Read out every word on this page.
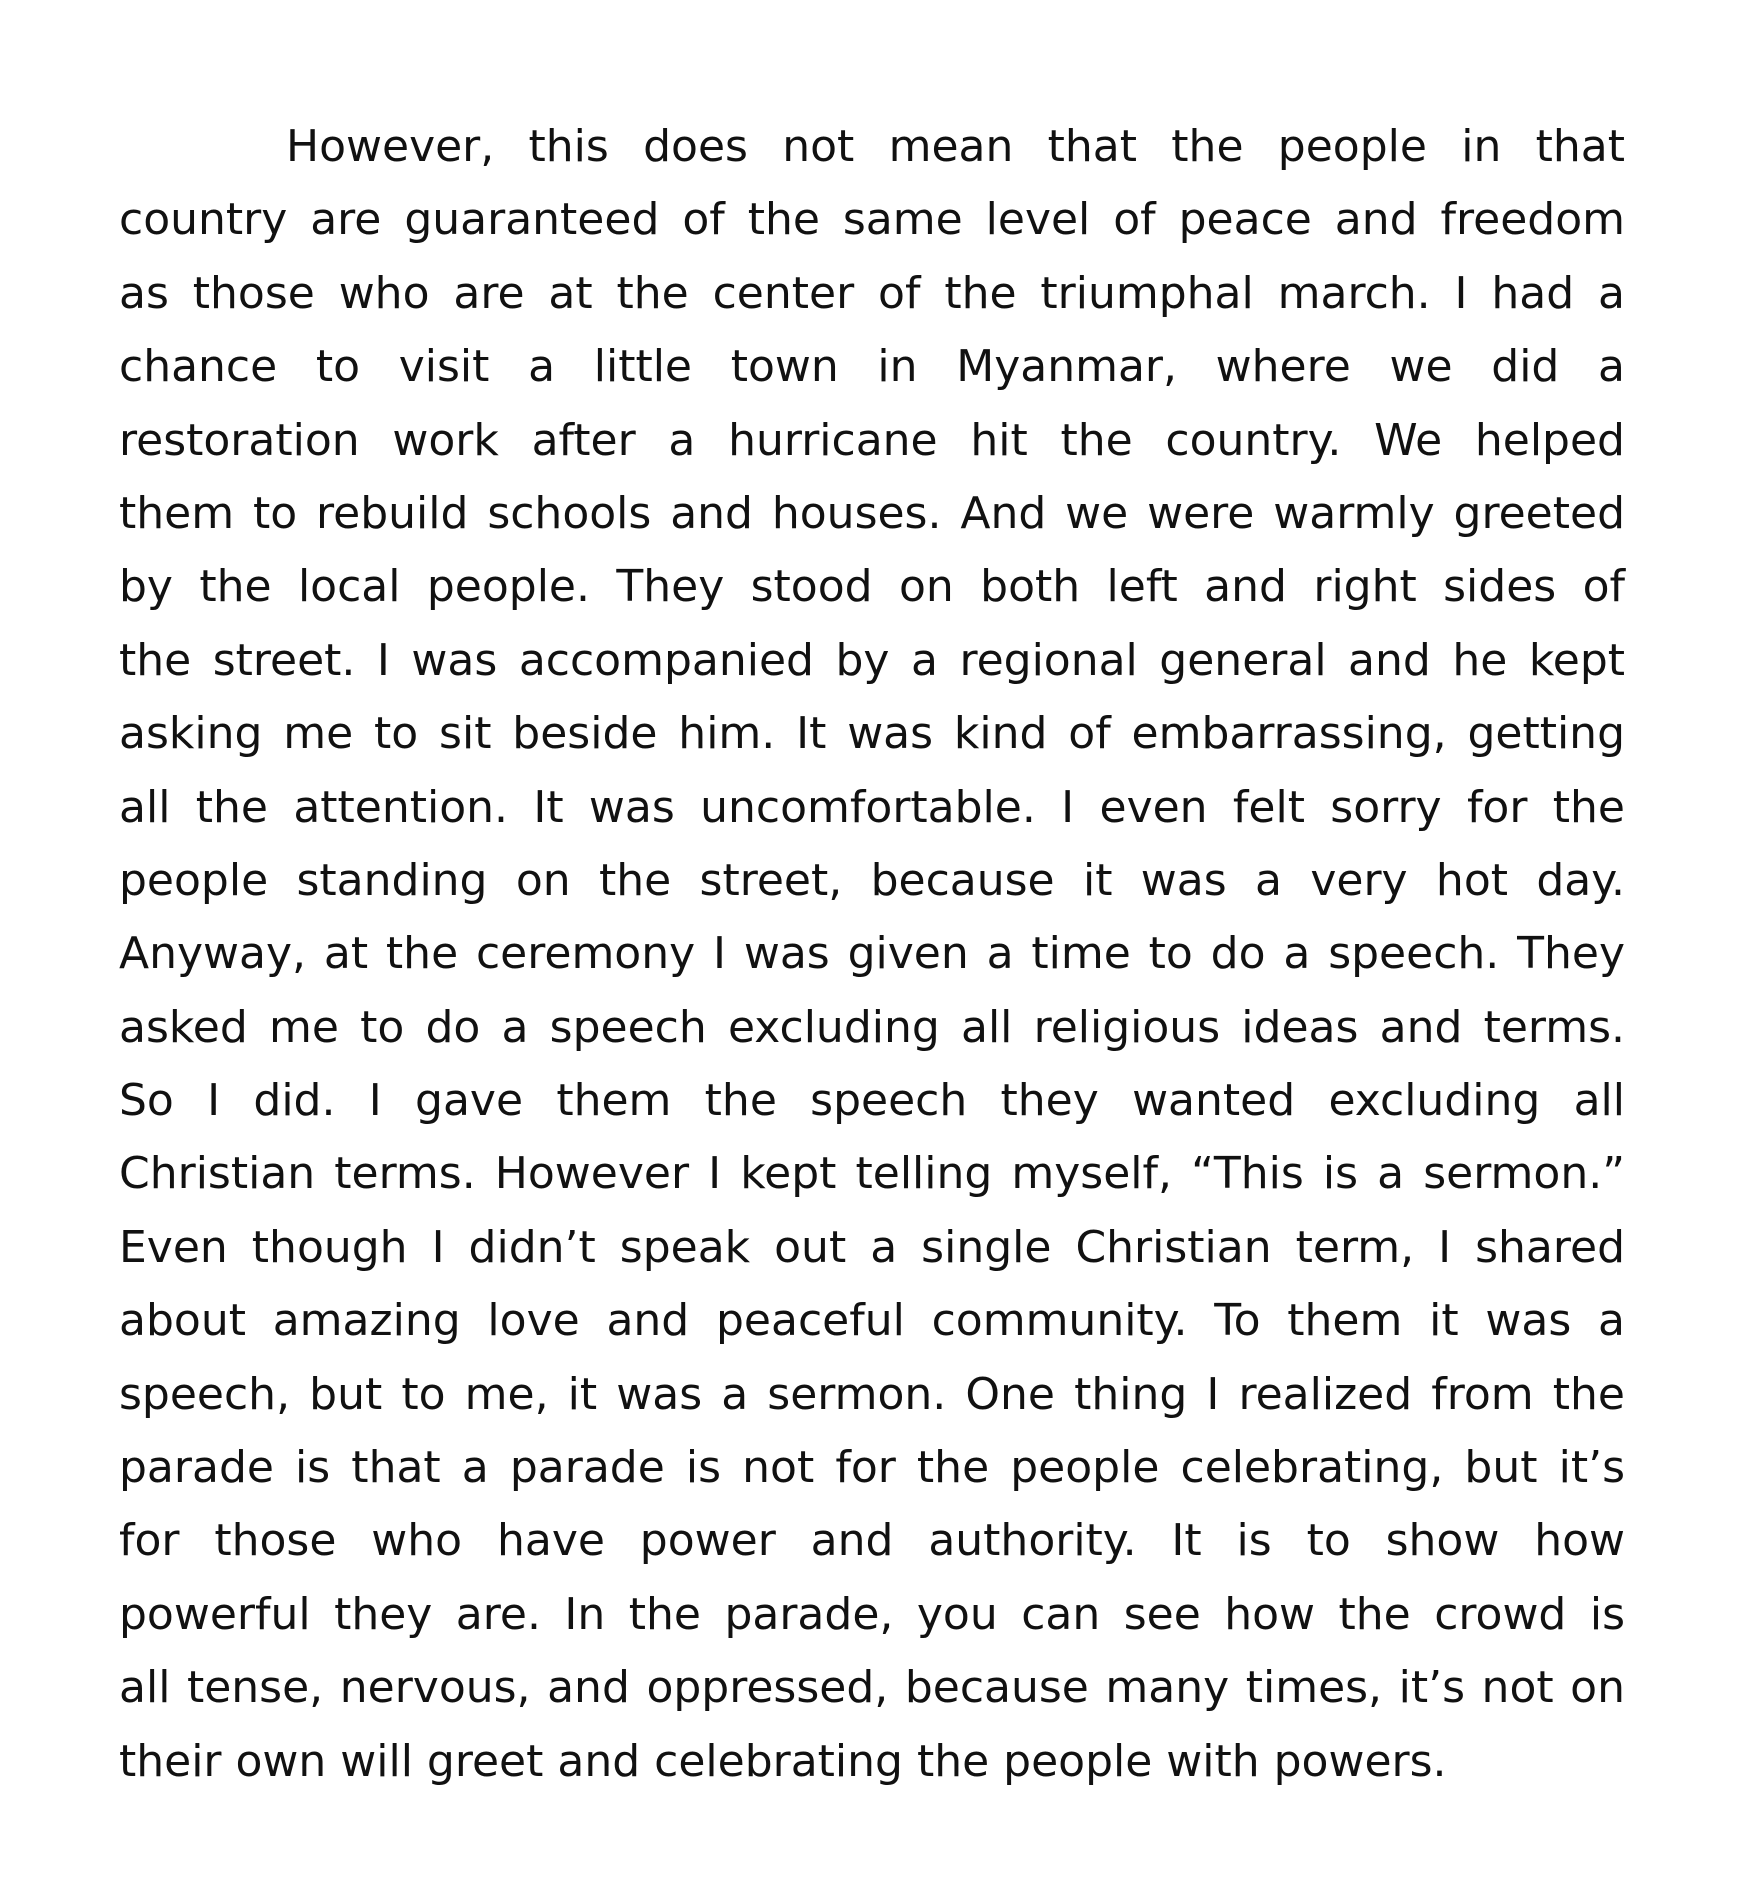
However, this does not mean that the people in that
country are guaranteed of the same level of peace and freedom
as those who are at the center of the triumphal march. I had a
chance to visit a little town in Myanmar, where we did a
restoration work after a hurricane hit the country. We helped
them to rebuild schools and houses. And we were warmly greeted
by the local people. They stood on both left and right sides of
the street. I was accompanied by a regional general and he kept
asking me to sit beside him. It was kind of embarrassing, getting
all the attention. It was uncomfortable. I even felt sorry for the
people standing on the street, because it was a very hot day.
Anyway, at the ceremony I was given a time to do a speech. They
asked me to do a speech excluding all religious ideas and terms.
So I did. I gave them the speech they wanted excluding all
Christian terms. However I kept telling myself, “This is a sermon.”
Even though I didn’t speak out a single Christian term, I shared
about amazing love and peaceful community. To them it was a
speech, but to me, it was a sermon. One thing I realized from the
parade is that a parade is not for the people celebrating, but it’s
for those who have power and authority. It is to show how
powerful they are. In the parade, you can see how the crowd is
all tense, nervous, and oppressed, because many times, it’s not on
their own will greet and celebrating the people with powers.
